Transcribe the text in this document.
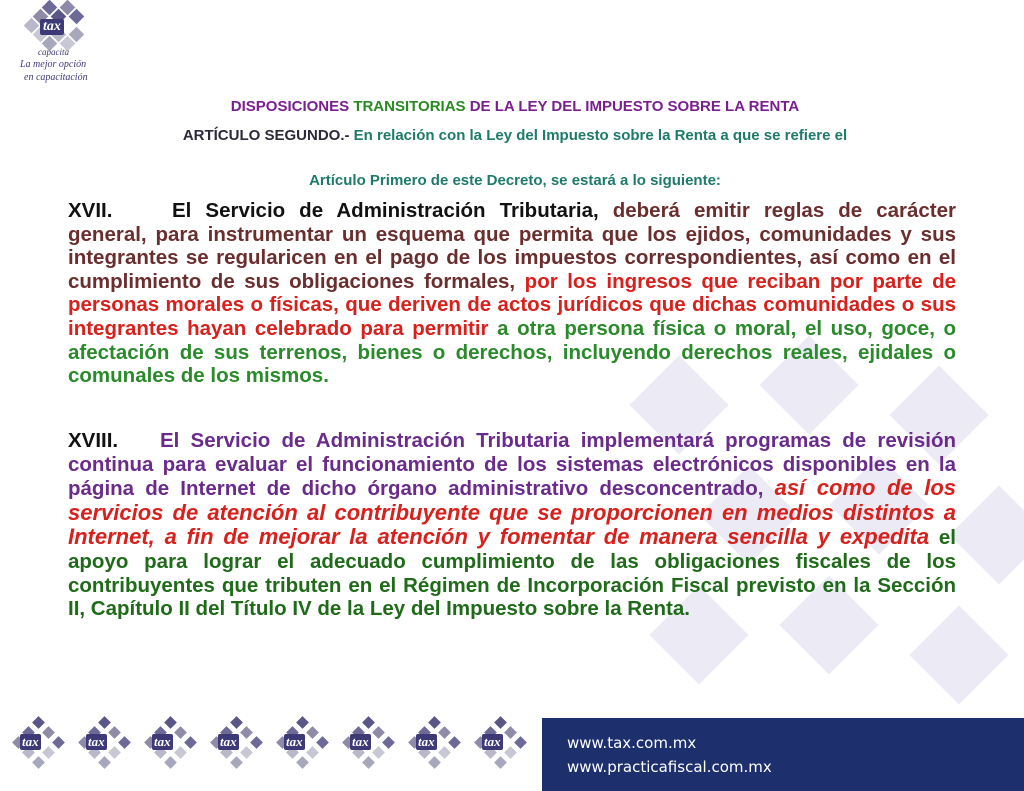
tax
capacita
La mejor opción
en capacitación
DISPOSICIONES TRANSITORIAS DE LA LEY DEL IMPUESTO SOBRE LA RENTA
ARTÍCULO SEGUNDO.- En relación con la Ley del Impuesto sobre la Renta a que se refiere el
Artículo Primero de este Decreto, se estará a lo siguiente:
XVII.	El Servicio de Administración Tributaria, deberá emitir reglas de carácter general, para instrumentar un esquema que permita que los ejidos, comunidades y sus integrantes se regularicen en el pago de los impuestos correspondientes, así como en el cumplimiento de sus obligaciones formales, por los ingresos que reciban por parte de personas morales o físicas, que deriven de actos jurídicos que dichas comunidades o sus integrantes hayan celebrado para permitir a otra persona física o moral, el uso, goce, o afectación de sus terrenos, bienes o derechos, incluyendo derechos reales, ejidales o comunales de los mismos.
XVIII. El Servicio de Administración Tributaria implementará programas de revisión continua para evaluar el funcionamiento de los sistemas electrónicos disponibles en la página de Internet de dicho órgano administrativo desconcentrado, así como de los servicios de atención al contribuyente que se proporcionen en medios distintos a Internet, a fin de mejorar la atención y fomentar de manera sencilla y expedita el apoyo para lograr el adecuado cumplimiento de las obligaciones fiscales de los contribuyentes que tributen en el Régimen de Incorporación Fiscal previsto en la Sección II, Capítulo II del Título IV de la Ley del Impuesto sobre la Renta.
tax	tax	tax	tax	tax	tax	tax	tax	www.tax.com.mx
www.practicafiscal.com.mx
